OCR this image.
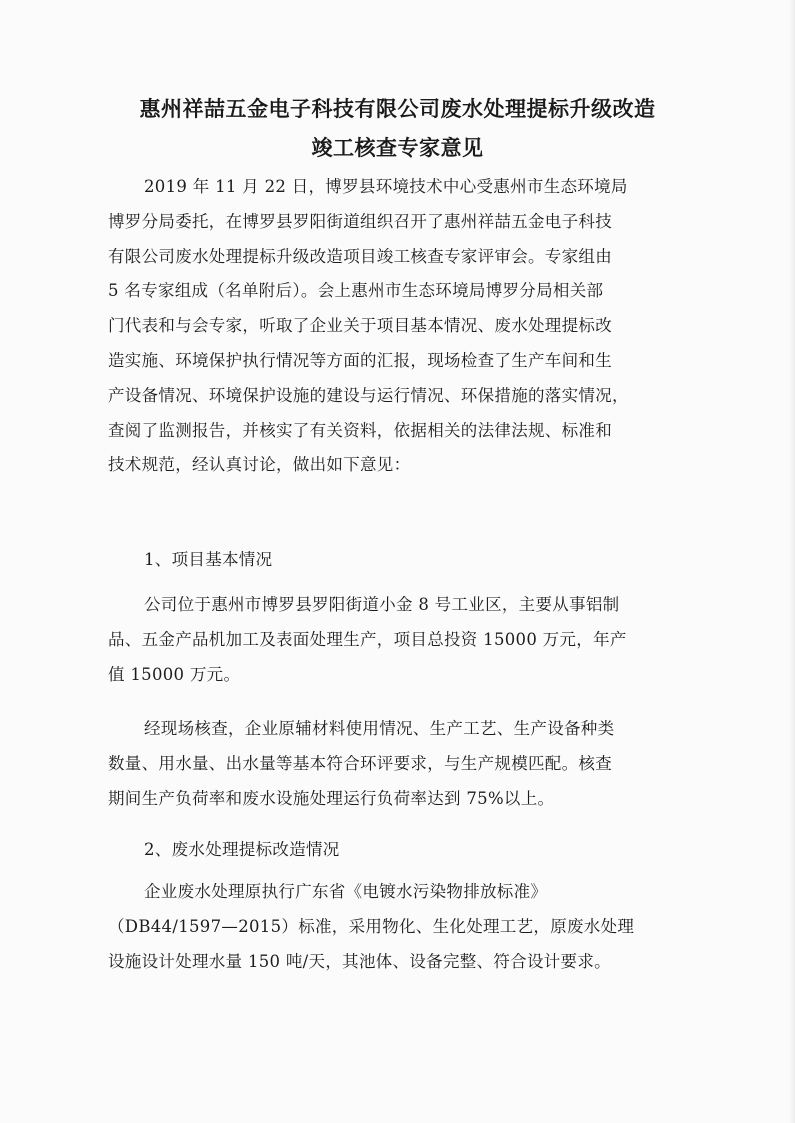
惠州祥喆五金电子科技有限公司废水处理提标升级改造
竣工核查专家意见
2019 年 11 月 22 日，博罗县环境技术中心受惠州市生态环境局
博罗分局委托，在博罗县罗阳街道组织召开了惠州祥喆五金电子科技
有限公司废水处理提标升级改造项目竣工核查专家评审会。专家组由
5 名专家组成（名单附后）。会上惠州市生态环境局博罗分局相关部
门代表和与会专家，听取了企业关于项目基本情况、废水处理提标改
造实施、环境保护执行情况等方面的汇报，现场检查了生产车间和生
产设备情况、环境保护设施的建设与运行情况、环保措施的落实情况，
查阅了监测报告，并核实了有关资料，依据相关的法律法规、标准和
技术规范，经认真讨论，做出如下意见：
1、项目基本情况
公司位于惠州市博罗县罗阳街道小金 8 号工业区，主要从事铝制
品、五金产品机加工及表面处理生产，项目总投资 15000 万元，年产
值 15000 万元。
经现场核查，企业原辅材料使用情况、生产工艺、生产设备种类
数量、用水量、出水量等基本符合环评要求，与生产规模匹配。核查
期间生产负荷率和废水设施处理运行负荷率达到 75%以上。
2、废水处理提标改造情况
企业废水处理原执行广东省《电镀水污染物排放标准》
（DB44/1597—2015）标准，采用物化、生化处理工艺，原废水处理
设施设计处理水量 150 吨/天，其池体、设备完整、符合设计要求。
